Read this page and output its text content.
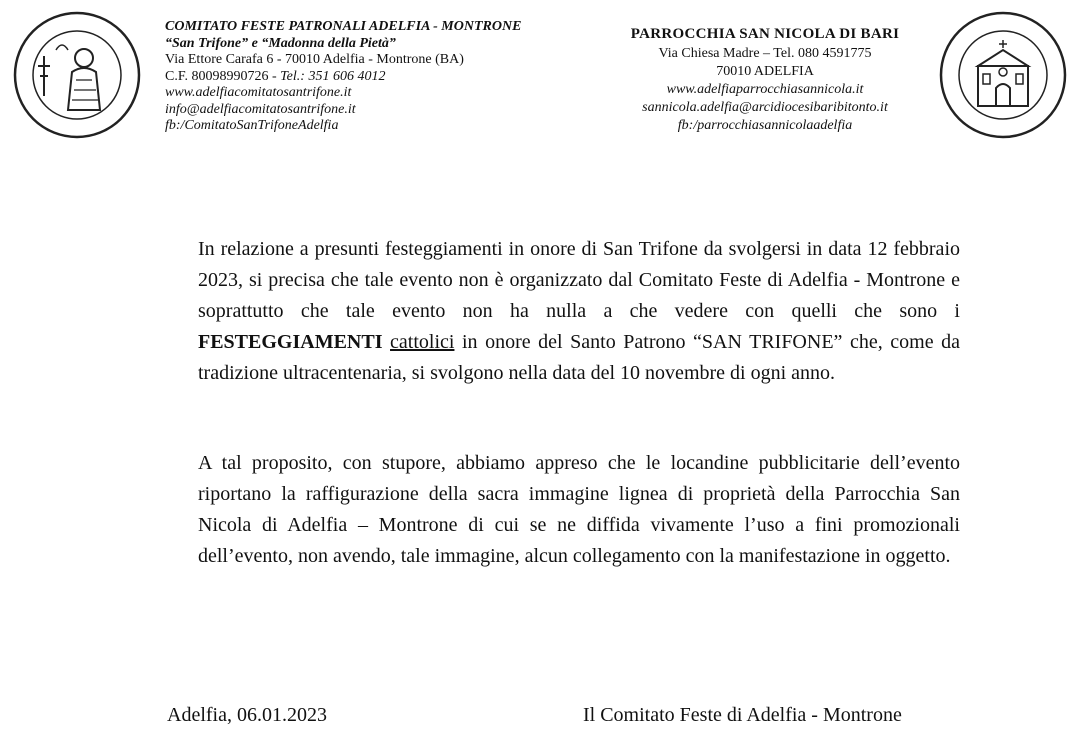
COMITATO FESTE PATRONALI ADELFIA - MONTRONE
“San Trifone” e “Madonna della Pietà”
Via Ettore Carafa 6 - 70010 Adelfia - Montrone (BA)
C.F. 80098990726 - Tel.: 351 606 4012
www.adelfiacomitatosantrifone.it
info@adelfiacomitatosantrifone.it
fb:/ComitatoSanTrifoneAdelfia
PARROCCHIA SAN NICOLA DI BARI
Via Chiesa Madre – Tel. 080 4591775
70010 ADELFIA
www.adelfiaparrocchiasannicola.it
sannicola.adelfia@arcidiocesibaribitonto.it
fb:/parrocchiasannicolaadelfia
In relazione a presunti festeggiamenti in onore di San Trifone da svolgersi in data 12 febbraio 2023, si precisa che tale evento non è organizzato dal Comitato Feste di Adelfia - Montrone e soprattutto che tale evento non ha nulla a che vedere con quelli che sono i FESTEGGIAMENTI cattolici in onore del Santo Patrono “SAN TRIFONE” che, come da tradizione ultracentenaria, si svolgono nella data del 10 novembre di ogni anno.
A tal proposito, con stupore, abbiamo appreso che le locandine pubblicitarie dell’evento riportano la raffigurazione della sacra immagine lignea di proprietà della Parrocchia San Nicola di Adelfia – Montrone di cui se ne diffida vivamente l’uso a fini promozionali dell’evento, non avendo, tale immagine, alcun collegamento con la manifestazione in oggetto.
Adelfia, 06.01.2023	Il Comitato Feste di Adelfia - Montrone
